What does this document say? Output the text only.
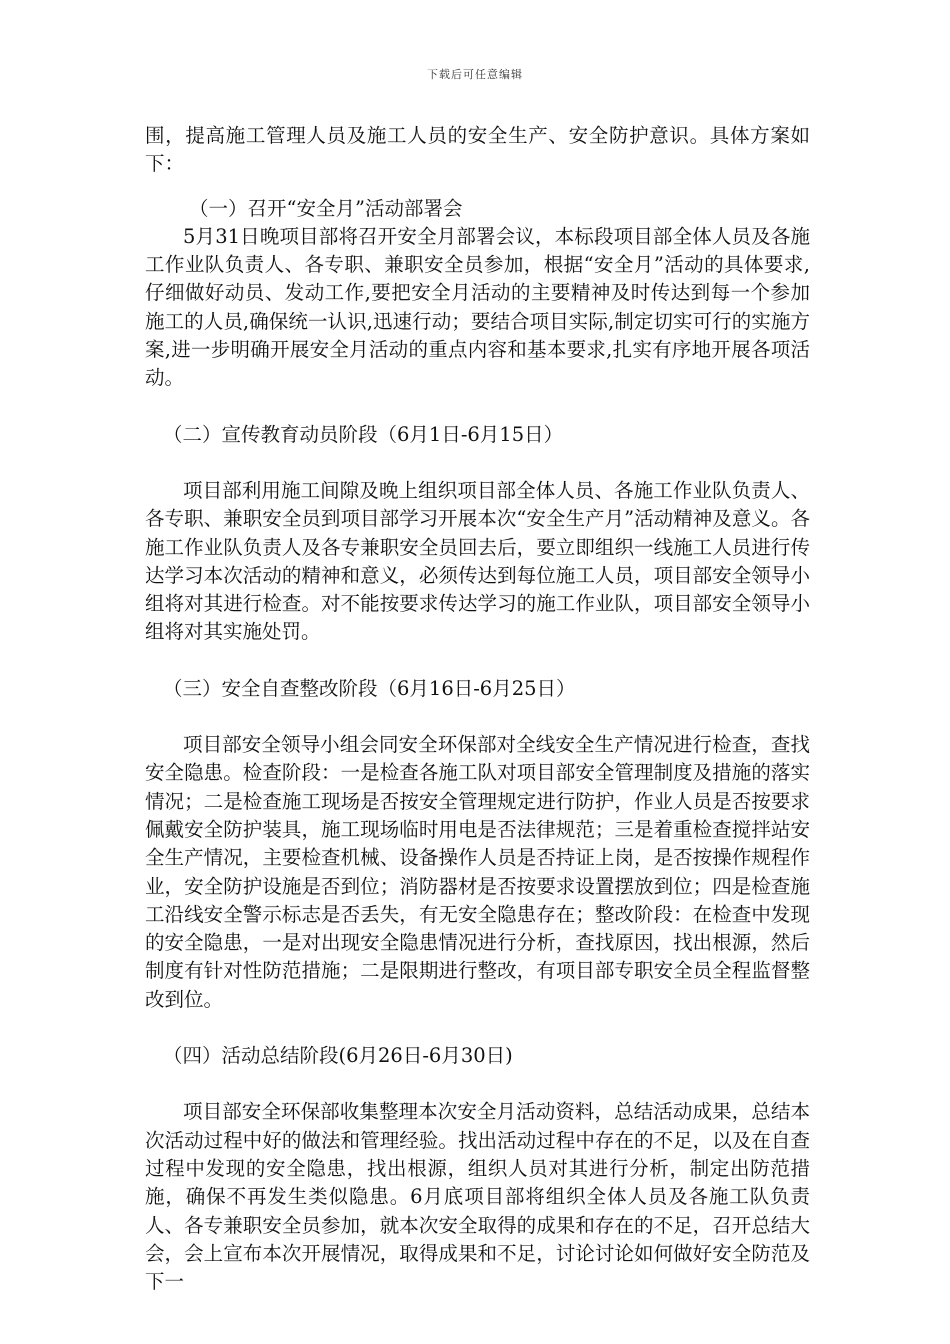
下载后可任意编辑

围，提高施工管理人员及施工人员的安全生产、安全防护意识。具体方案如下：

（一）召开“安全月”活动部署会

5月31日晚项目部将召开安全月部署会议，本标段项目部全体人员及各施工作业队负责人、各专职、兼职安全员参加，根据“安全月”活动的具体要求,仔细做好动员、发动工作,要把安全月活动的主要精神及时传达到每一个参加施工的人员,确保统一认识,迅速行动；要结合项目实际,制定切实可行的实施方案,进一步明确开展安全月活动的重点内容和基本要求,扎实有序地开展各项活动。

（二）宣传教育动员阶段（6月1日-6月15日）

项目部利用施工间隙及晚上组织项目部全体人员、各施工作业队负责人、各专职、兼职安全员到项目部学习开展本次“安全生产月”活动精神及意义。各施工作业队负责人及各专兼职安全员回去后，要立即组织一线施工人员进行传达学习本次活动的精神和意义，必须传达到每位施工人员，项目部安全领导小组将对其进行检查。对不能按要求传达学习的施工作业队，项目部安全领导小组将对其实施处罚。

（三）安全自查整改阶段（6月16日-6月25日）

项目部安全领导小组会同安全环保部对全线安全生产情况进行检查，查找安全隐患。检查阶段：一是检查各施工队对项目部安全管理制度及措施的落实情况；二是检查施工现场是否按安全管理规定进行防护，作业人员是否按要求佩戴安全防护装具，施工现场临时用电是否法律规范；三是着重检查搅拌站安全生产情况，主要检查机械、设备操作人员是否持证上岗，是否按操作规程作业，安全防护设施是否到位；消防器材是否按要求设置摆放到位；四是检查施工沿线安全警示标志是否丢失，有无安全隐患存在；整改阶段：在检查中发现的安全隐患，一是对出现安全隐患情况进行分析，查找原因，找出根源，然后制度有针对性防范措施；二是限期进行整改，有项目部专职安全员全程监督整改到位。

（四）活动总结阶段(6月26日-6月30日)

项目部安全环保部收集整理本次安全月活动资料，总结活动成果，总结本次活动过程中好的做法和管理经验。找出活动过程中存在的不足，以及在自查过程中发现的安全隐患，找出根源，组织人员对其进行分析，制定出防范措施，确保不再发生类似隐患。6月底项目部将组织全体人员及各施工队负责人、各专兼职安全员参加，就本次安全取得的成果和存在的不足，召开总结大会，会上宣布本次开展情况，取得成果和不足，讨论讨论如何做好安全防范及下一
